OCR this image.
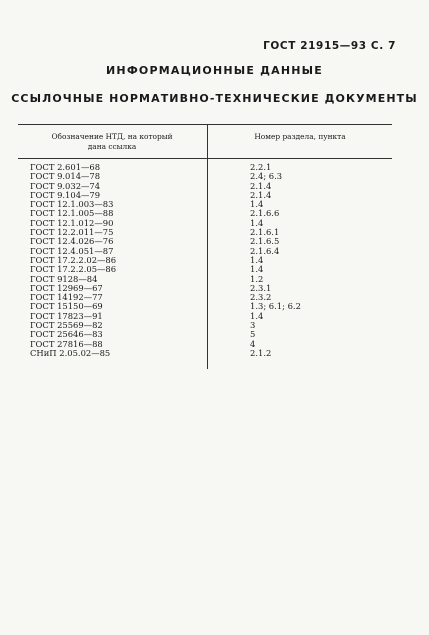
ГОСТ 21915—93 С. 7
ИНФОРМАЦИОННЫЕ ДАННЫЕ
ССЫЛОЧНЫЕ НОРМАТИВНО-ТЕХНИЧЕСКИЕ ДОКУМЕНТЫ
Обозначение НТД, на который
дана ссылка
Номер раздела, пункта
ГОСТ 2.601—68
ГОСТ 9.014—78
ГОСТ 9.032—74
ГОСТ 9.104—79
ГОСТ 12.1.003—83
ГОСТ 12.1.005—88
ГОСТ 12.1.012—90
ГОСТ 12.2.011—75
ГОСТ 12.4.026—76
ГОСТ 12.4.051—87
ГОСТ 17.2.2.02—86
ГОСТ 17.2.2.05—86
ГОСТ 9128—84
ГОСТ 12969—67
ГОСТ 14192—77
ГОСТ 15150—69
ГОСТ 17823—91
ГОСТ 25569—82
ГОСТ 25646—83
ГОСТ 27816—88
СНиП 2.05.02—85
2.2.1
2.4; 6.3
2.1.4
2.1.4
1.4
2.1.6.6
1.4
2.1.6.1
2.1.6.5
2.1.6.4
1.4
1.4
1.2
2.3.1
2.3.2
1.3; 6.1; 6.2
1.4
3
5
4
2.1.2
